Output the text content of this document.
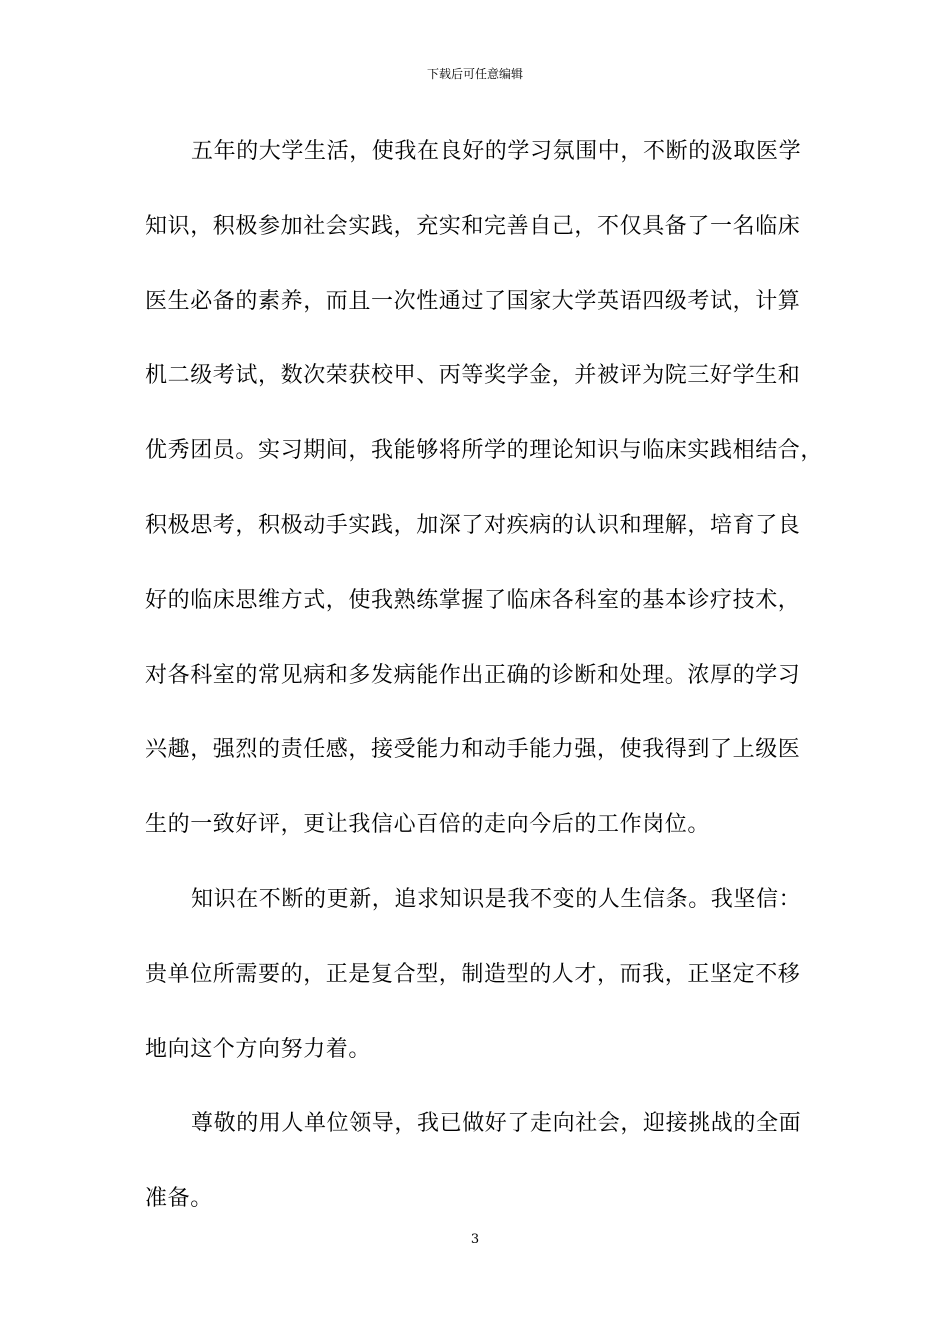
下载后可任意编辑
五年的大学生活，使我在良好的学习氛围中，不断的汲取医学
知识，积极参加社会实践，充实和完善自己，不仅具备了一名临床
医生必备的素养，而且一次性通过了国家大学英语四级考试，计算
机二级考试，数次荣获校甲、丙等奖学金，并被评为院三好学生和
优秀团员。实习期间，我能够将所学的理论知识与临床实践相结合，
积极思考，积极动手实践，加深了对疾病的认识和理解，培育了良
好的临床思维方式，使我熟练掌握了临床各科室的基本诊疗技术，
对各科室的常见病和多发病能作出正确的诊断和处理。浓厚的学习
兴趣，强烈的责任感，接受能力和动手能力强，使我得到了上级医
生的一致好评，更让我信心百倍的走向今后的工作岗位。
知识在不断的更新，追求知识是我不变的人生信条。我坚信：
贵单位所需要的，正是复合型，制造型的人才，而我，正坚定不移
地向这个方向努力着。
尊敬的用人单位领导，我已做好了走向社会，迎接挑战的全面
准备。
3
